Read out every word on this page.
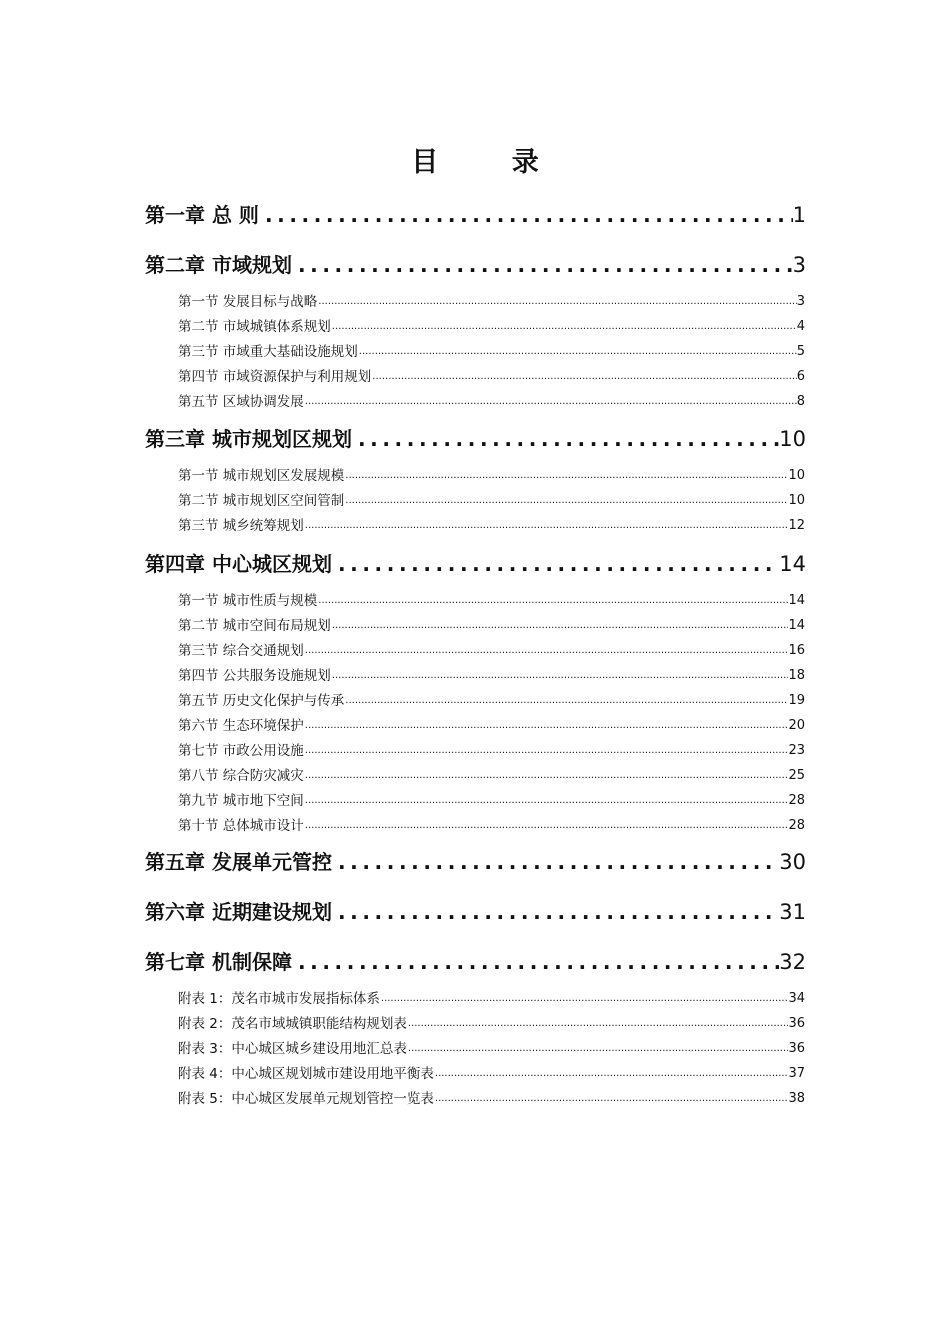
目 录
第一章 总 则 .....	1
第二章 市域规划 .....	3
第一节 发展目标与战略 .....	3
第二节 市域城镇体系规划 .....	4
第三节 市域重大基础设施规划 .....	5
第四节 市域资源保护与利用规划 .....	6
第五节 区域协调发展 .....	8
第三章 城市规划区规划 .....	10
第一节 城市规划区发展规模 .....	10
第二节 城市规划区空间管制 .....	10
第三节 城乡统筹规划 .....	12
第四章 中心城区规划 .....	14
第一节 城市性质与规模 .....	14
第二节 城市空间布局规划 .....	14
第三节 综合交通规划 .....	16
第四节 公共服务设施规划 .....	18
第五节 历史文化保护与传承 .....	19
第六节 生态环境保护 .....	20
第七节 市政公用设施 .....	23
第八节 综合防灾减灾 .....	25
第九节 城市地下空间 .....	28
第十节 总体城市设计 .....	28
第五章 发展单元管控 .....	30
第六章 近期建设规划 .....	31
第七章 机制保障 .....	32
附表 1：茂名市城市发展指标体系 .....	34
附表 2：茂名市域城镇职能结构规划表 .....	36
附表 3：中心城区城乡建设用地汇总表 .....	36
附表 4：中心城区规划城市建设用地平衡表 .....	37
附表 5：中心城区发展单元规划管控一览表 .....	38
